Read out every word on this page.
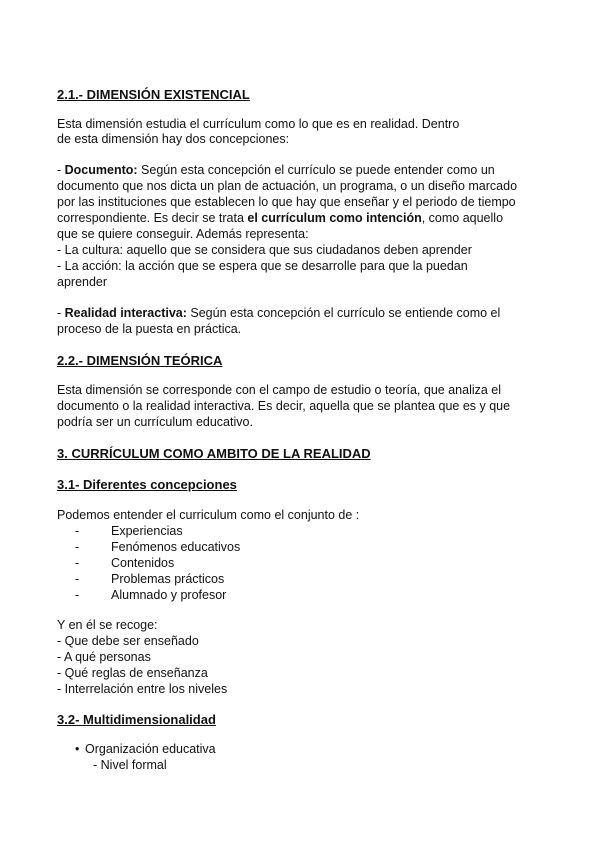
2.1.- DIMENSIÓN EXISTENCIAL
Esta dimensión estudia el currículum como lo que es en realidad. Dentro
de esta dimensión hay dos concepciones:
- Documento: Según esta concepción el currículo se puede entender como un
documento que nos dicta un plan de actuación, un programa, o un diseño marcado
por las instituciones que establecen lo que hay que enseñar y el periodo de tiempo
correspondiente. Es decir se trata el currículum como intención, como aquello
que se quiere conseguir. Además representa:
- La cultura: aquello que se considera que sus ciudadanos deben aprender
- La acción: la acción que se espera que se desarrolle para que la puedan
aprender
- Realidad interactiva: Según esta concepción el currículo se entiende como el
proceso de la puesta en práctica.
2.2.- DIMENSIÓN TEÓRICA
Esta dimensión se corresponde con el campo de estudio o teoría, que analiza el
documento o la realidad interactiva. Es decir, aquella que se plantea que es y que
podría ser un currículum educativo.
3. CURRÍCULUM COMO AMBITO DE LA REALIDAD
3.1- Diferentes concepciones
Podemos entender el curriculum como el conjunto de :
-	Experiencias
-	Fenómenos educativos
-	Contenidos
-	Problemas prácticos
-	Alumnado y profesor
Y en él se recoge:
- Que debe ser enseñado
- A qué personas
- Qué reglas de enseñanza
- Interrelación entre los niveles
3.2- Multidimensionalidad
• Organización educativa
- Nivel formal
